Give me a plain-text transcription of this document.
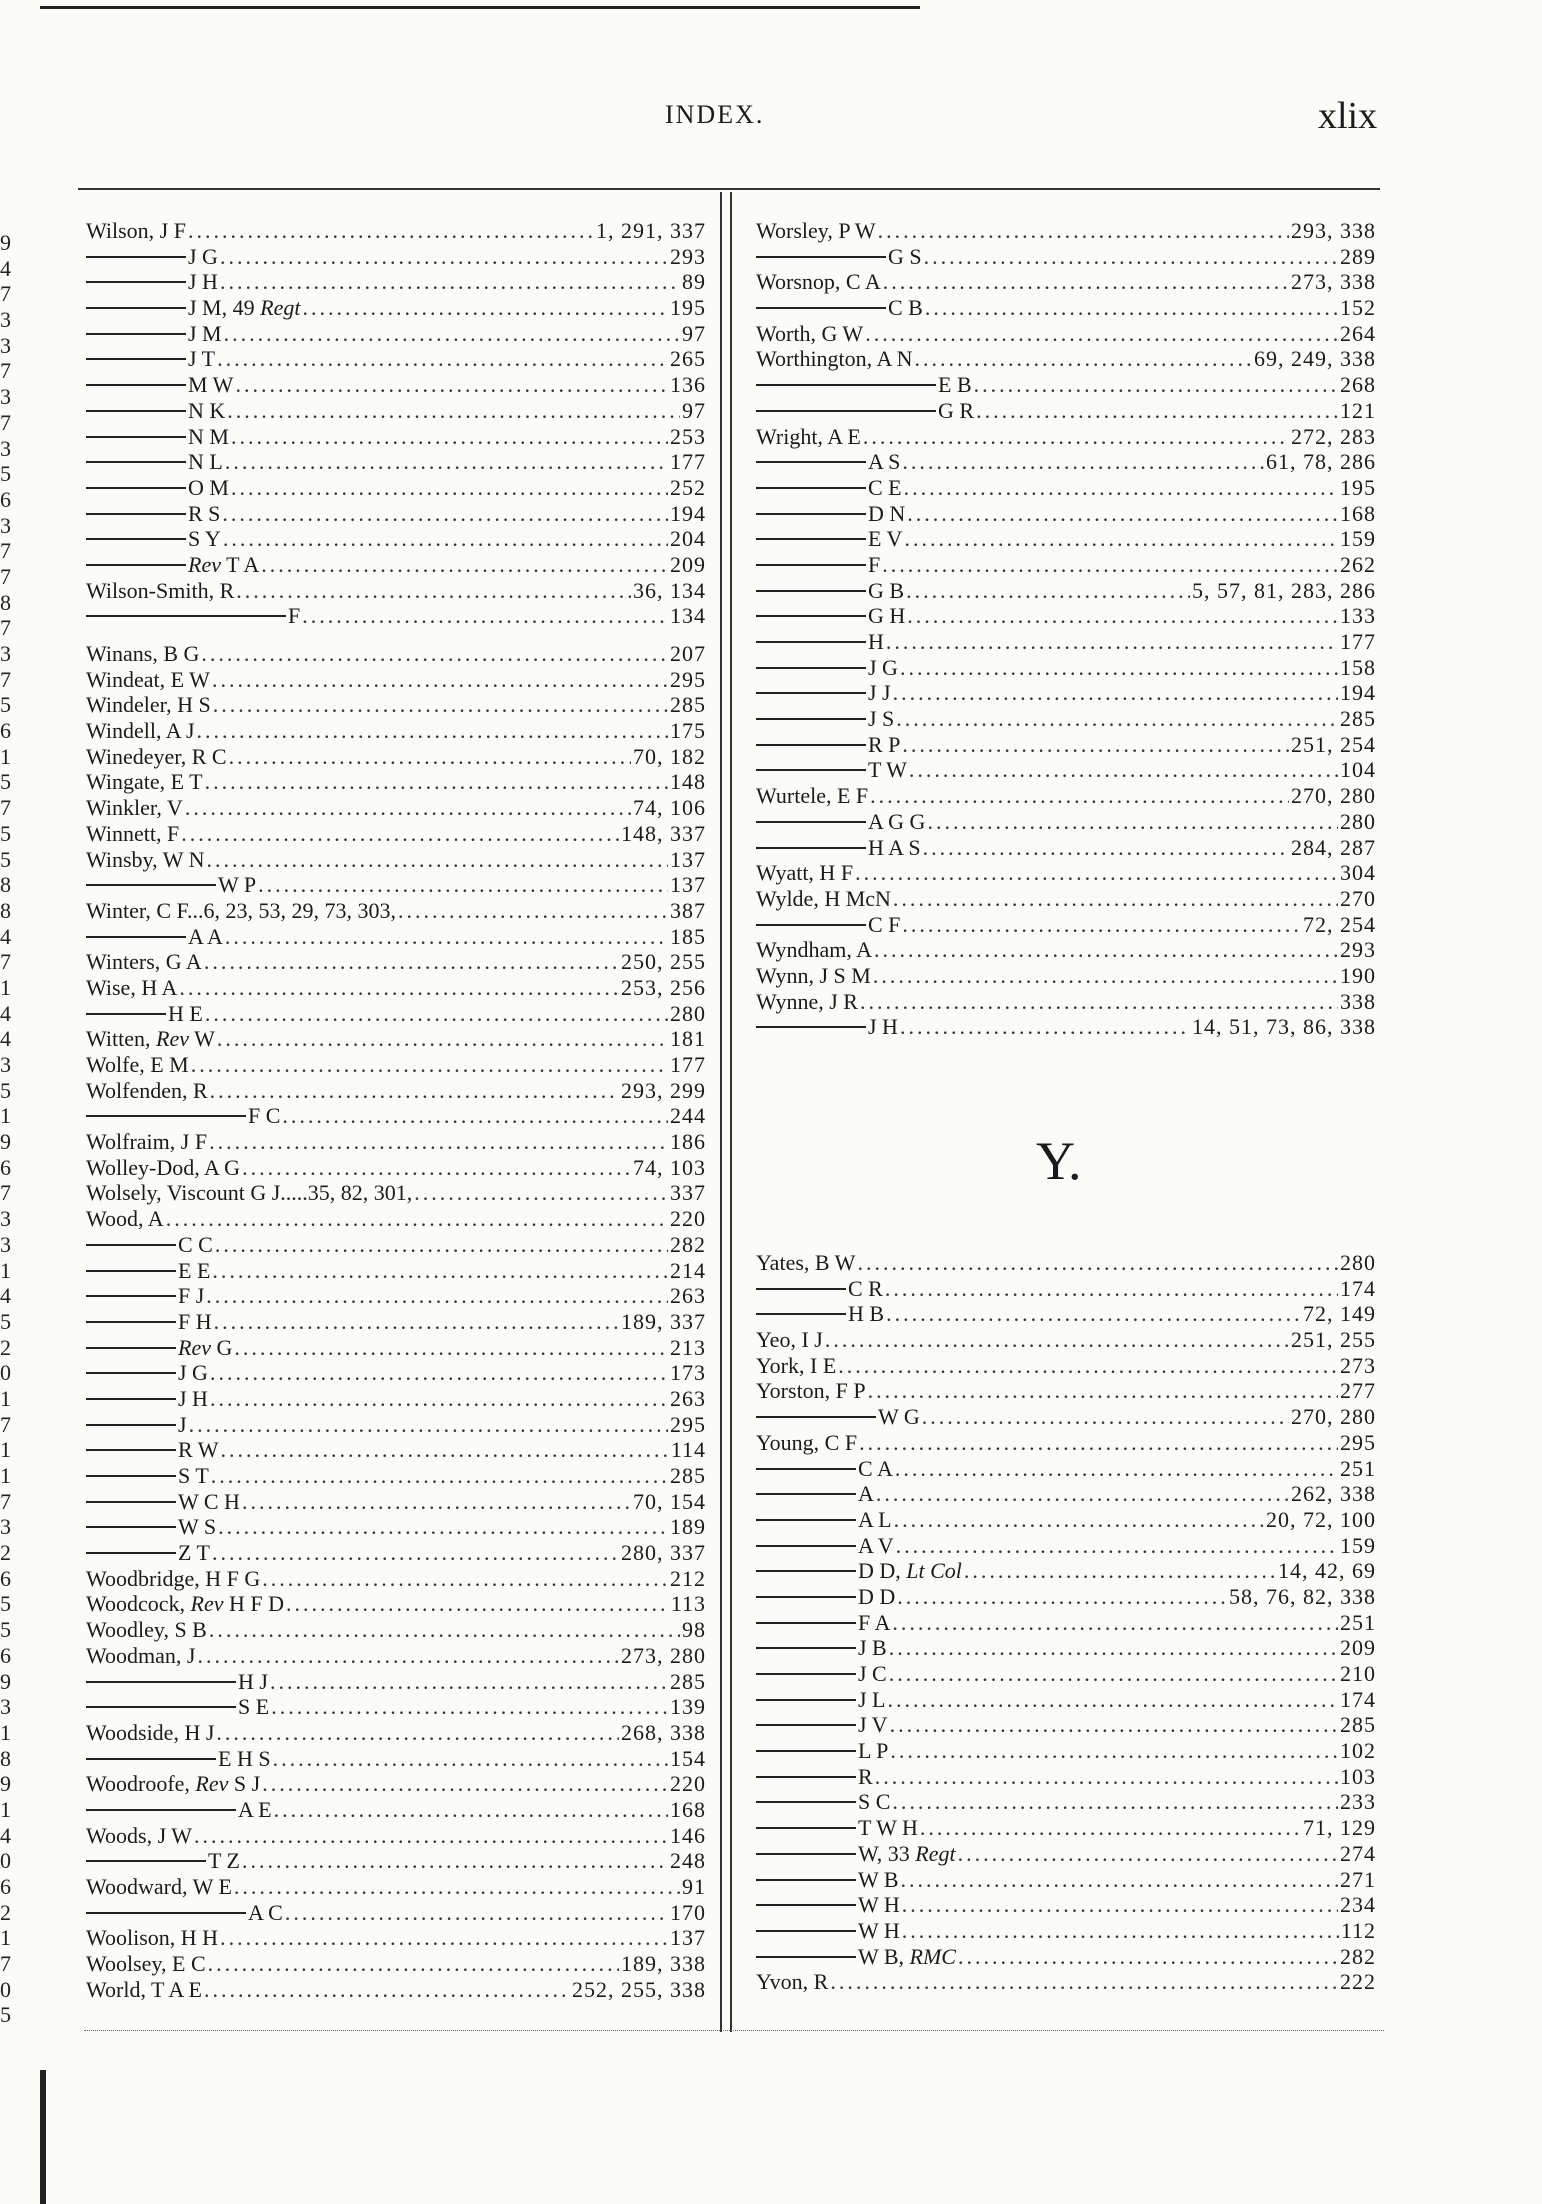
9
4
7
3
3
7
3
7
3
5
6
3
7
7
8
7
3
7
5
6
1
5
7
5
5
8
8
4
7
1
4
4
3
5
1
9
6
7
3
3
1
4
5
2
0
1
7
1
1
7
3
2
6
5
5
6
9
3
1
8
9
1
4
0
6
2
1
7
0
5
INDEX.	xlix
Wilson, J F .....	1, 291, 337
J G .....	293
J H .....	89
J M, 49 Regt .....	195
J M .....	97
J T .....	265
M W .....	136
N K .....	97
N M .....	253
N L .....	177
O M .....	252
R S .....	194
S Y .....	204
Rev T A .....	209
Wilson-Smith, R .....	36, 134
F .....	134
Winans, B G .....	207
Windeat, E W .....	295
Windeler, H S .....	285
Windell, A J .....	175
Winedeyer, R C .....	70, 182
Wingate, E T .....	148
Winkler, V .....	74, 106
Winnett, F .....	148, 337
Winsby, W N .....	137
W P .....	137
Winter, C F...6, 23, 53, 29, 73, 303, .....	387
A A .....	185
Winters, G A .....	250, 255
Wise, H A .....	253, 256
H E .....	280
Witten, Rev W .....	181
Wolfe, E M .....	177
Wolfenden, R .....	293, 299
F C .....	244
Wolfraim, J F .....	186
Wolley-Dod, A G .....	74, 103
Wolsely, Viscount G J.....35, 82, 301, .....	337
Wood, A .....	220
C C .....	282
E E .....	214
F J .....	263
F H .....	189, 337
Rev G .....	213
J G .....	173
J H .....	263
J .....	295
R W .....	114
S T .....	285
W C H .....	70, 154
W S .....	189
Z T .....	280, 337
Woodbridge, H F G .....	212
Woodcock, Rev H F D .....	113
Woodley, S B .....	98
Woodman, J .....	273, 280
H J .....	285
S E .....	139
Woodside, H J .....	268, 338
E H S .....	154
Woodroofe, Rev S J .....	220
A E .....	168
Woods, J W .....	146
T Z .....	248
Woodward, W E .....	91
A C .....	170
Woolison, H H .....	137
Woolsey, E C .....	189, 338
World, T A E .....	252, 255, 338
Worsley, P W .....	293, 338
G S .....	289
Worsnop, C A .....	273, 338
C B .....	152
Worth, G W .....	264
Worthington, A N .....	69, 249, 338
E B .....	268
G R .....	121
Wright, A E .....	272, 283
A S .....	61, 78, 286
C E .....	195
D N .....	168
E V .....	159
F .....	262
G B .....	5, 57, 81, 283, 286
G H .....	133
H .....	177
J G .....	158
J J .....	194
J S .....	285
R P .....	251, 254
T W .....	104
Wurtele, E F .....	270, 280
A G G .....	280
H A S .....	284, 287
Wyatt, H F .....	304
Wylde, H McN .....	270
C F .....	72, 254
Wyndham, A .....	293
Wynn, J S M .....	190
Wynne, J R .....	338
J H .....	14, 51, 73, 86, 338
Y.
Yates, B W .....	280
C R .....	174
H B .....	72, 149
Yeo, I J .....	251, 255
York, I E .....	273
Yorston, F P .....	277
W G .....	270, 280
Young, C F .....	295
C A .....	251
A .....	262, 338
A L .....	20, 72, 100
A V .....	159
D D, Lt Col .....	14, 42, 69
D D .....	58, 76, 82, 338
F A .....	251
J B .....	209
J C .....	210
J L .....	174
J V .....	285
L P .....	102
R .....	103
S C .....	233
T W H .....	71, 129
W, 33 Regt .....	274
W B .....	271
W H .....	234
W H .....	112
W B, RMC .....	282
Yvon, R .....	222
